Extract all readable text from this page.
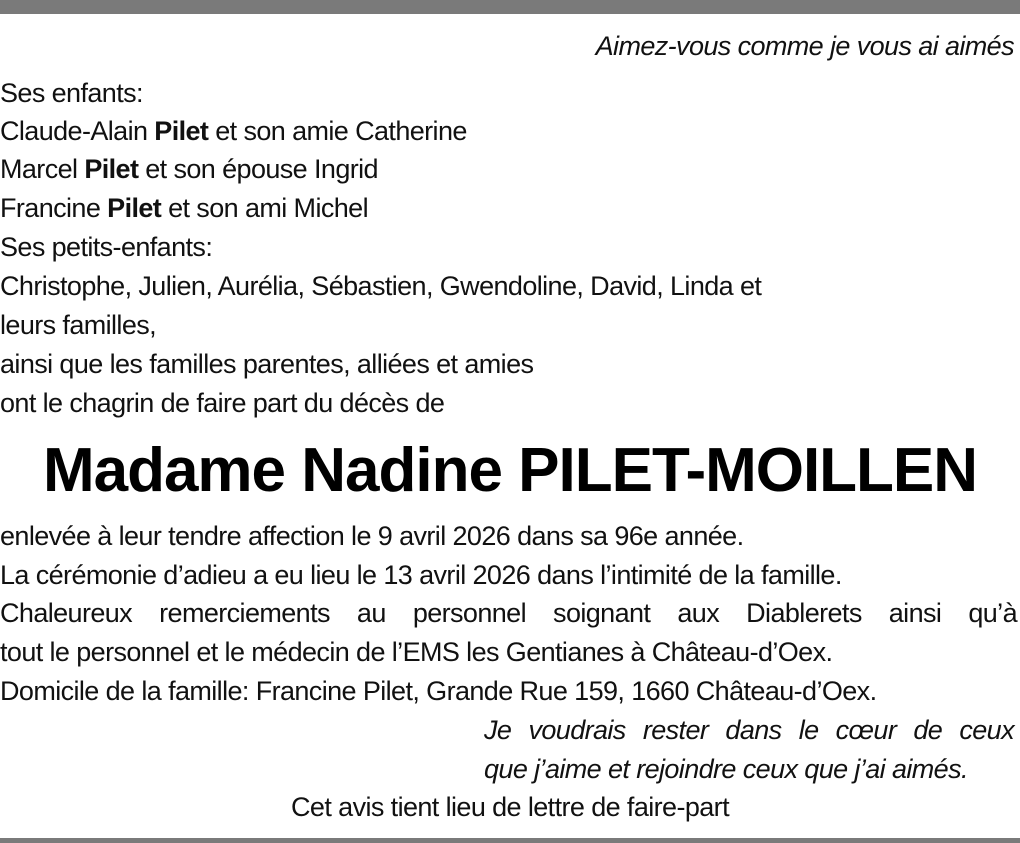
Aimez-vous comme je vous ai aimés
Ses enfants:
Claude-Alain Pilet et son amie Catherine
Marcel Pilet et son épouse Ingrid
Francine Pilet et son ami Michel
Ses petits-enfants:
Christophe, Julien, Aurélia, Sébastien, Gwendoline, David, Linda et
leurs familles,
ainsi que les familles parentes, alliées et amies
ont le chagrin de faire part du décès de
Madame Nadine PILET-MOILLEN
enlevée à leur tendre affection le 9 avril 2026 dans sa 96e année.
La cérémonie d’adieu a eu lieu le 13 avril 2026 dans l’intimité de la famille.
Chaleureux remerciements au personnel soignant aux Diablerets ainsi qu’à
tout le personnel et le médecin de l’EMS les Gentianes à Château-d’Oex.
Domicile de la famille: Francine Pilet, Grande Rue 159, 1660 Château-d’Oex.
Je voudrais rester dans le cœur de ceux
que j’aime et rejoindre ceux que j’ai aimés.
Cet avis tient lieu de lettre de faire-part
